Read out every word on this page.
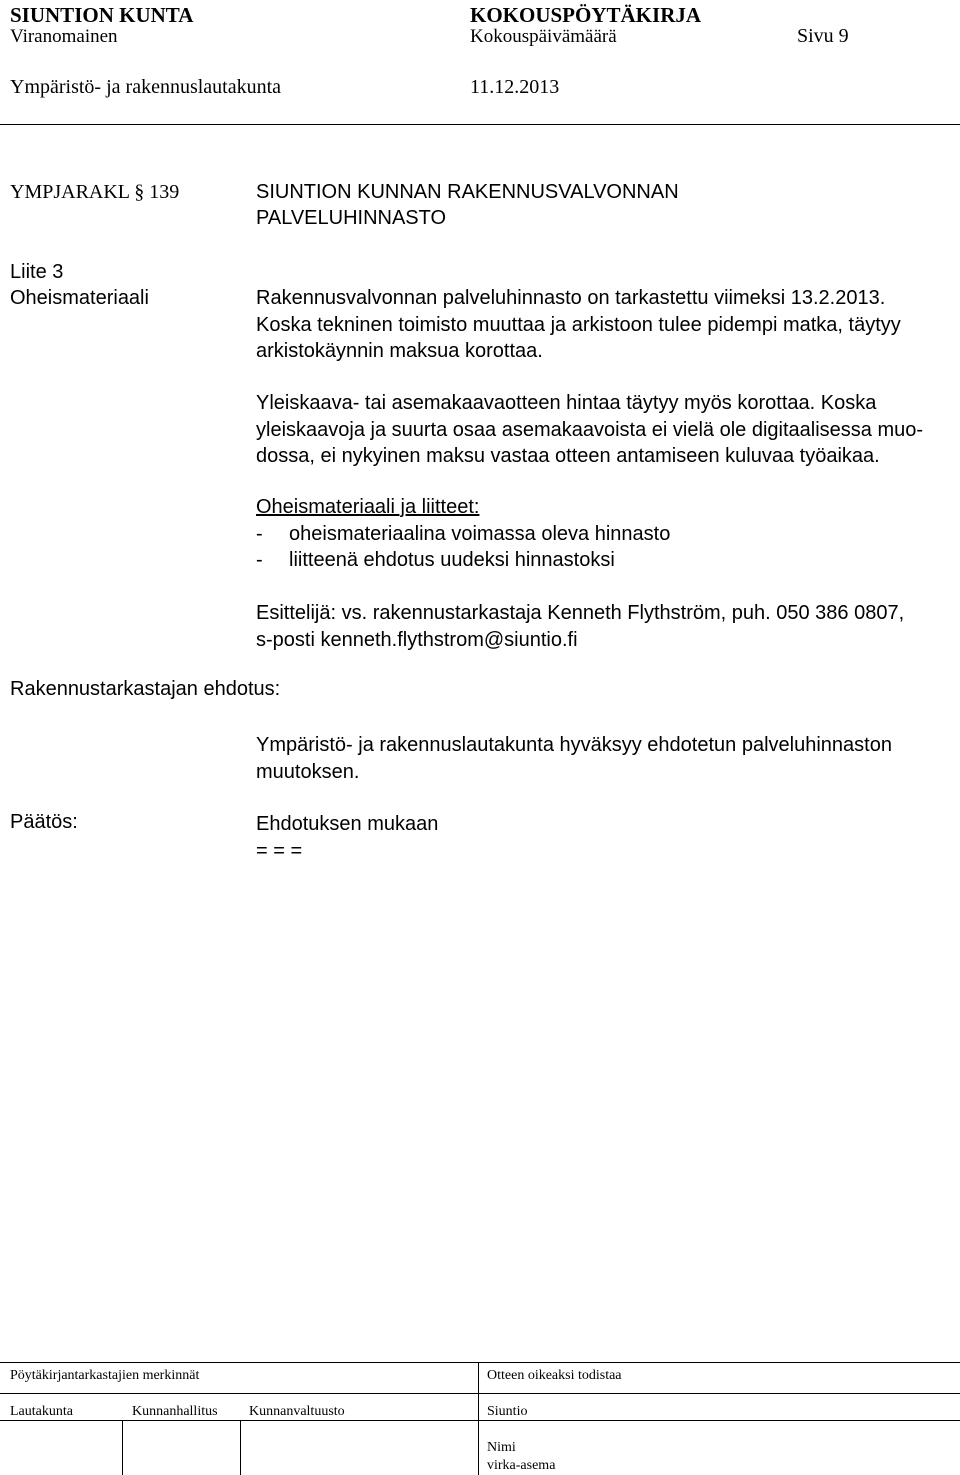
SIUNTION KUNTA	KOKOUSPÖYTÄKIRJA
Viranomainen	Kokouspäivämäärä	Sivu 9
Ympäristö- ja rakennuslautakunta	11.12.2013
YMPJARAKL § 139	SIUNTION KUNNAN RAKENNUSVALVONNAN
PALVELUHINNASTO
Liite 3
Oheismateriaali	Rakennusvalvonnan palveluhinnasto on tarkastettu viimeksi 13.2.2013.
Koska tekninen toimisto muuttaa ja arkistoon tulee pidempi matka, täytyy
arkistokäynnin maksua korottaa.
Yleiskaava- tai asemakaavaotteen hintaa täytyy myös korottaa. Koska
yleiskaavoja ja suurta osaa asemakaavoista ei vielä ole digitaalisessa muo-
dossa, ei nykyinen maksu vastaa otteen antamiseen kuluvaa työaikaa.
Oheismateriaali ja liitteet:
- oheismateriaalina voimassa oleva hinnasto
- liitteenä ehdotus uudeksi hinnastoksi
Esittelijä: vs. rakennustarkastaja Kenneth Flythström, puh. 050 386 0807,
s-posti kenneth.flythstrom@siuntio.fi
Rakennustarkastajan ehdotus:
Ympäristö- ja rakennuslautakunta hyväksyy ehdotetun palveluhinnaston
muutoksen.
Päätös:	Ehdotuksen mukaan
= = =
Pöytäkirjantarkastajien merkinnät	Otteen oikeaksi todistaa
Lautakunta	Kunnanhallitus Kunnanvaltuusto	Siuntio
Nimi
virka-asema
